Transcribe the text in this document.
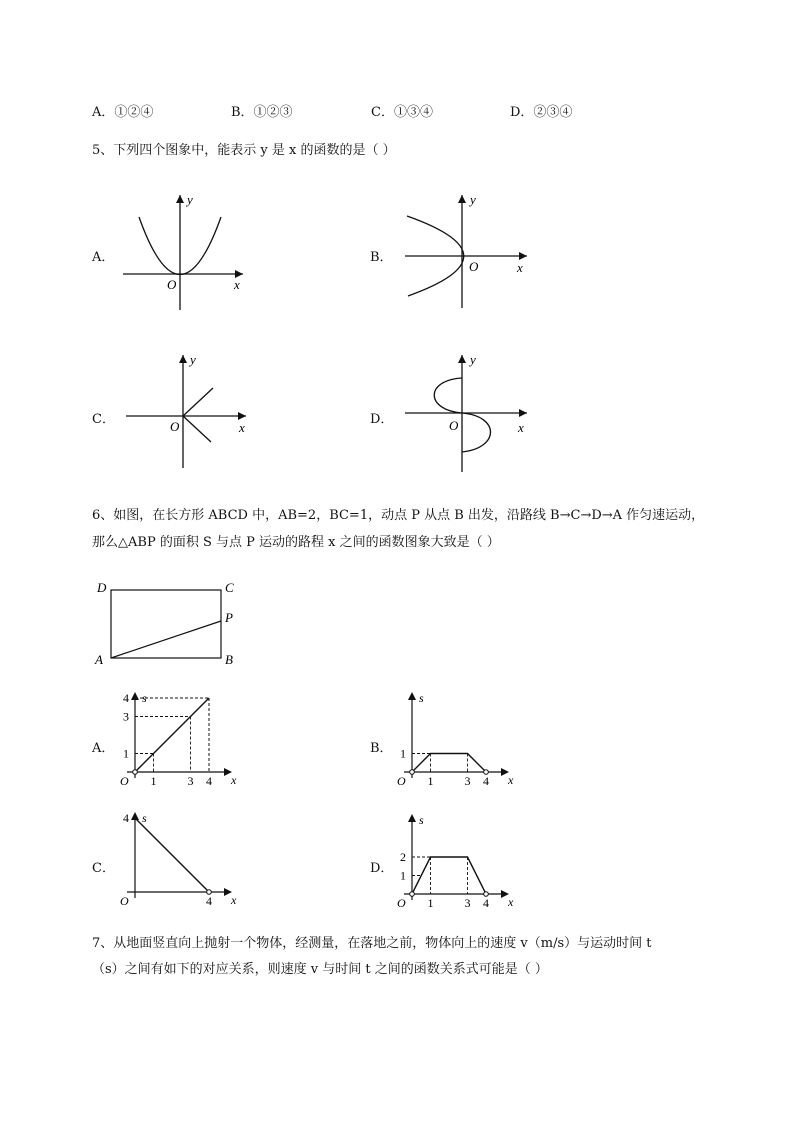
A．①②④	B．①②③	C．①③④	D．②③④
5、下列四个图象中，能表示 y 是 x 的函数的是（ ）
A．
y
x
O
B．
y
x
O
C．
y
x
O	D．
y
x
O
6、如图，在长方形 ABCD 中，AB=2，BC=1，动点 P 从点 B 出发，沿路线 B→C→D→A 作匀速运动，
那么△ABP 的面积 S 与点 P 运动的路程 x 之间的函数图象大致是（ ）
D	C
P
A	B
A．
s
x
O 1	3 4
1
3
4
B．
s
x
O 1	3 4
1
C．
s
x
O	4
4
D．
s
x
O 1	3 4
1
2
7、从地面竖直向上抛射一个物体，经测量，在落地之前，物体向上的速度 v（m/s）与运动时间 t
（s）之间有如下的对应关系，则速度 v 与时间 t 之间的函数关系式可能是（ ）
